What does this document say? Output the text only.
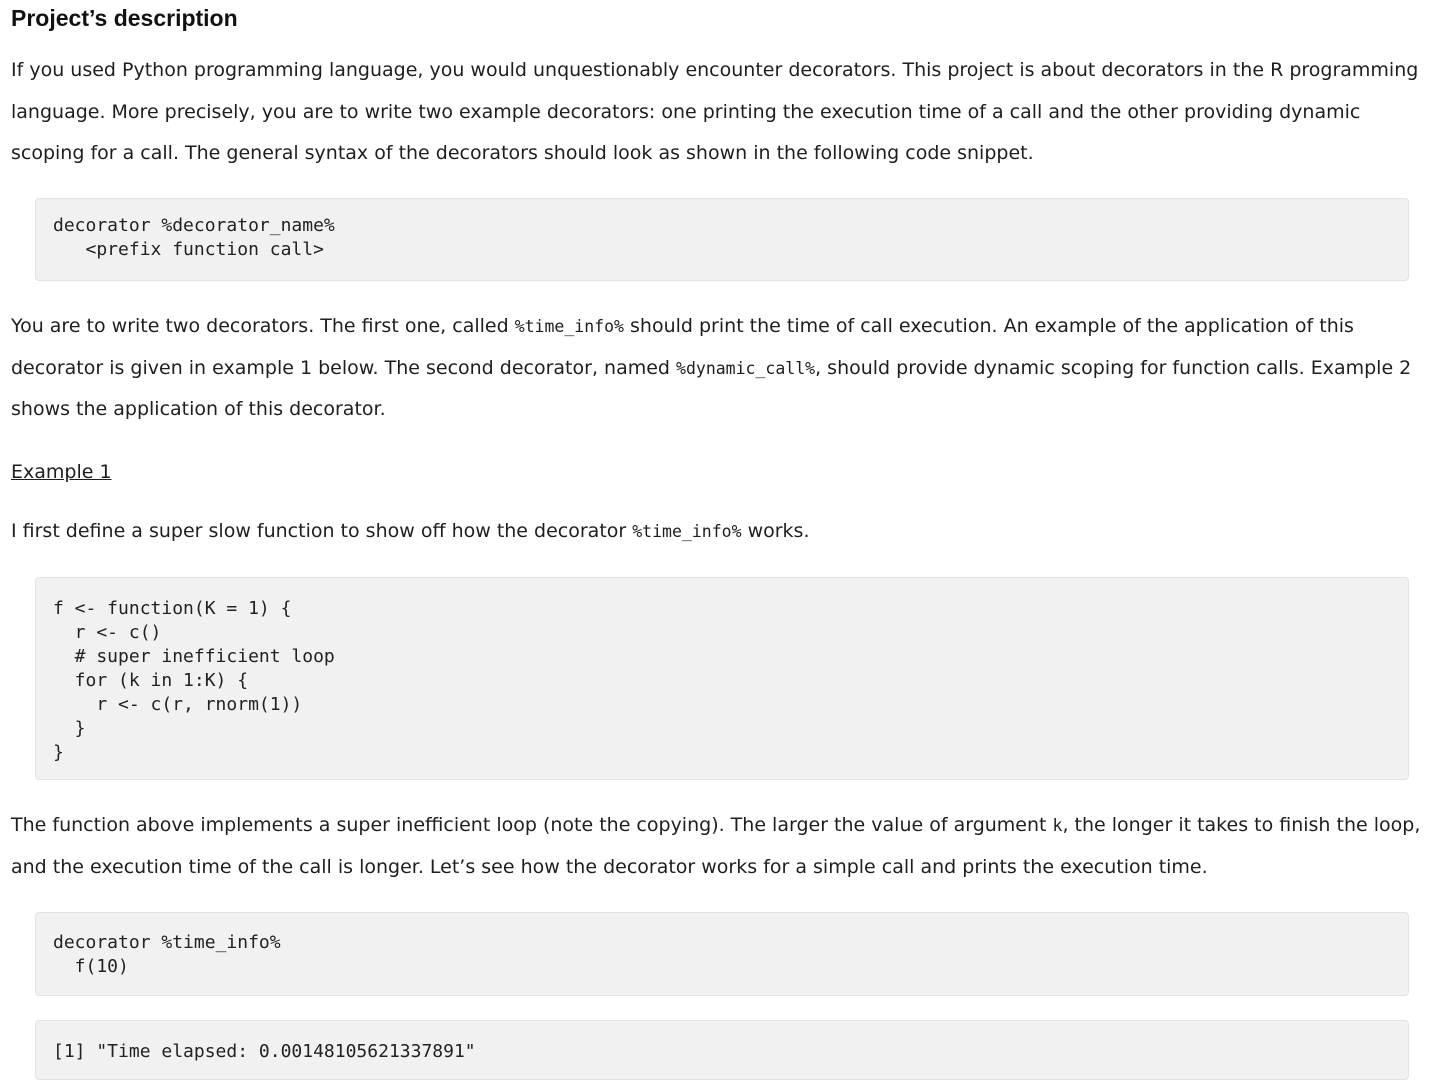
Project’s description

If you used Python programming language, you would unquestionably encounter decorators. This project is about decorators in the R programming language. More precisely, you are to write two example decorators: one printing the execution time of a call and the other providing dynamic scoping for a call. The general syntax of the decorators should look as shown in the following code snippet.

decorator %decorator_name%
<prefix function call>

You are to write two decorators. The first one, called %time_info% should print the time of call execution. An example of the application of this decorator is given in example 1 below. The second decorator, named %dynamic_call%, should provide dynamic scoping for function calls. Example 2 shows the application of this decorator.

Example 1

I first define a super slow function to show off how the decorator %time_info% works.

f <- function(K = 1) {
r <- c()
# super inefficient loop
for (k in 1:K) {
r <- c(r, rnorm(1))
}
}

The function above implements a super inefficient loop (note the copying). The larger the value of argument k, the longer it takes to finish the loop, and the execution time of the call is longer. Let’s see how the decorator works for a simple call and prints the execution time.

decorator %time_info%
f(10)
[1] "Time elapsed: 0.00148105621337891"
